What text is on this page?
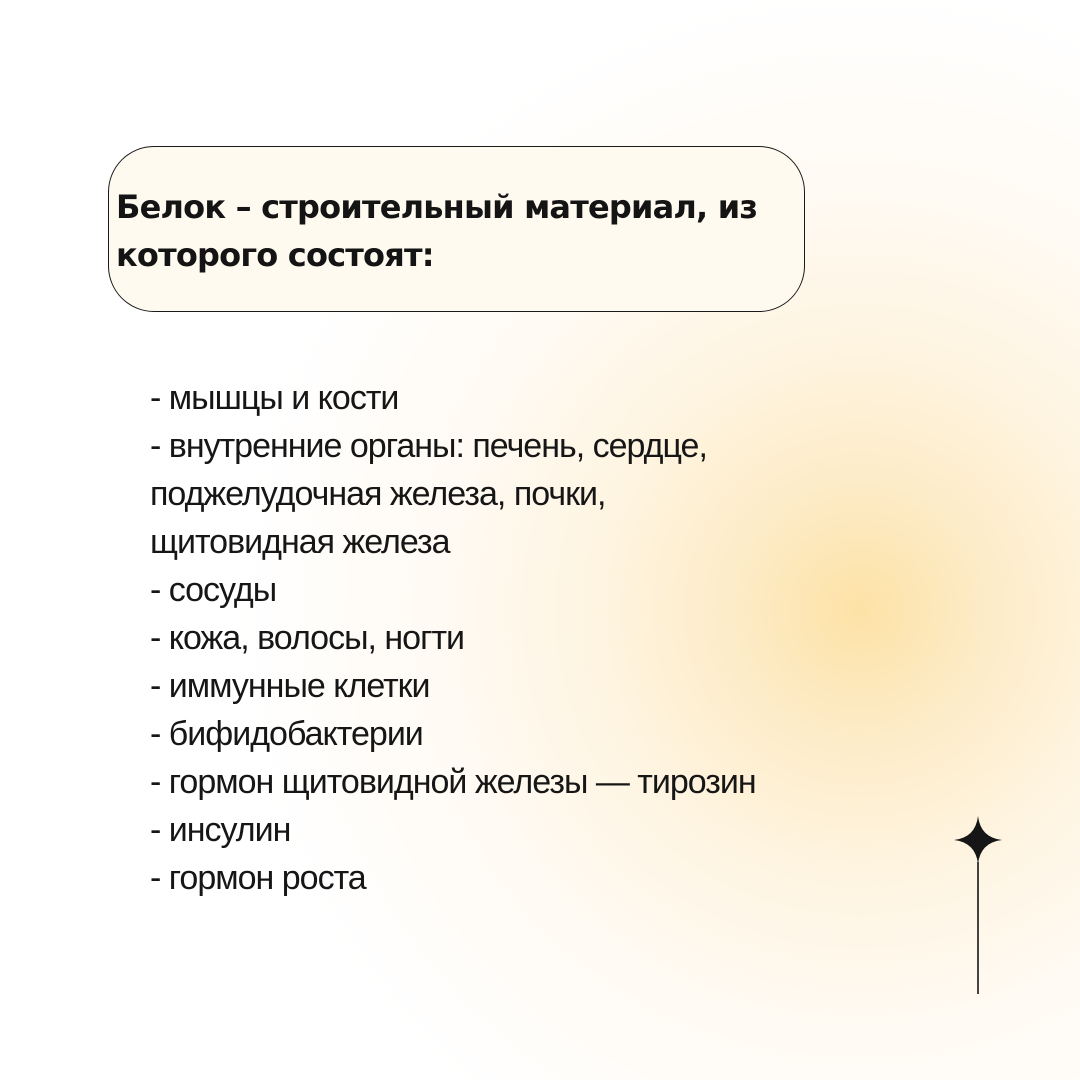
Белок – строительный материал, из которого состоят:
- мышцы и кости
- внутренние органы: печень, сердце,
поджелудочная железа, почки,
щитовидная железа
- сосуды
- кожа, волосы, ногти
- иммунные клетки
- бифидобактерии
- гормон щитовидной железы — тирозин
- инсулин
- гормон роста
